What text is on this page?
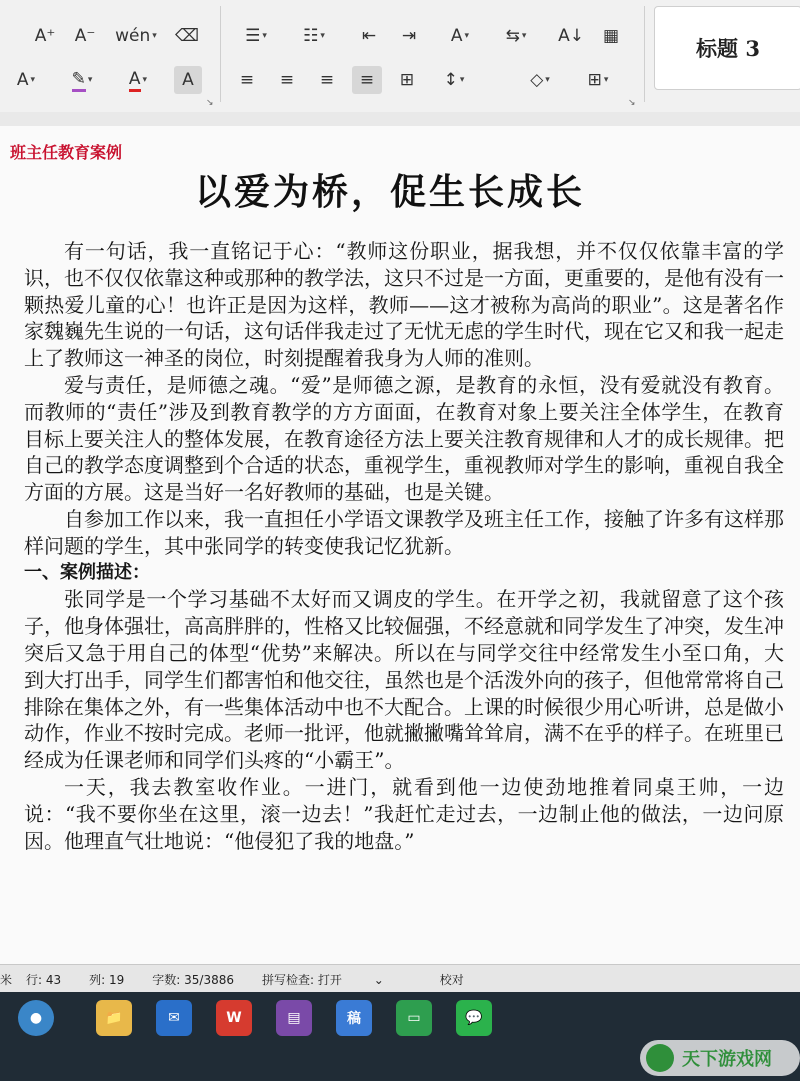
A⁺ A⁻ wén ▾ ⌫
A ▾ ✎ ▾ A ▾ A
↘
☰ ▾ ☷ ▾ ⇤ ⇥ A ▾ ⇆ ▾ A↓ ▦
≡ ≡ ≡ ≡ ⊞ ↕ ▾	◇ ▾ ⊞ ▾
↘
标题 3
班主任教育案例
以爱为桥，促生长成长

有一句话，我一直铭记于心：“教师这份职业，据我想，并不仅仅依靠丰富的学识，也不仅仅依靠这种或那种的教学法，这只不过是一方面，更重要的，是他有没有一颗热爱儿童的心！也许正是因为这样，教师——这才被称为高尚的职业”。这是著名作家魏巍先生说的一句话，这句话伴我走过了无忧无虑的学生时代，现在它又和我一起走上了教师这一神圣的岗位，时刻提醒着我身为人师的准则。

爱与责任，是师德之魂。“爱”是师德之源，是教育的永恒，没有爱就没有教育。而教师的“责任”涉及到教育教学的方方面面，在教育对象上要关注全体学生，在教育目标上要关注人的整体发展，在教育途径方法上要关注教育规律和人才的成长规律。把自己的教学态度调整到个合适的状态，重视学生，重视教师对学生的影响，重视自我全方面的方展。这是当好一名好教师的基础，也是关键。

自参加工作以来，我一直担任小学语文课教学及班主任工作，接触了许多有这样那样问题的学生，其中张同学的转变使我记忆犹新。

一、案例描述：

张同学是一个学习基础不太好而又调皮的学生。在开学之初，我就留意了这个孩子，他身体强壮，高高胖胖的，性格又比较倔强，不经意就和同学发生了冲突，发生冲突后又急于用自己的体型“优势”来解决。所以在与同学交往中经常发生小至口角，大到大打出手，同学生们都害怕和他交往，虽然也是个活泼外向的孩子，但他常常将自己排除在集体之外，有一些集体活动中也不大配合。上课的时候很少用心听讲，总是做小动作，作业不按时完成。老师一批评，他就撇撇嘴耸耸肩，满不在乎的样子。在班里已经成为任课老师和同学们头疼的“小霸王”。

一天，我去教室收作业。一进门，就看到他一边使劲地推着同桌王帅，一边说：“我不要你坐在这里，滚一边去！”我赶忙走过去，一边制止他的做法，一边问原因。他理直气壮地说：“他侵犯了我的地盘。”

米 行: 43 列: 19 字数: 35/3886 拼写检查: 打开	⌄	校对
●	📁	✉	W	▤	稿	▭	💬
天下游戏网
